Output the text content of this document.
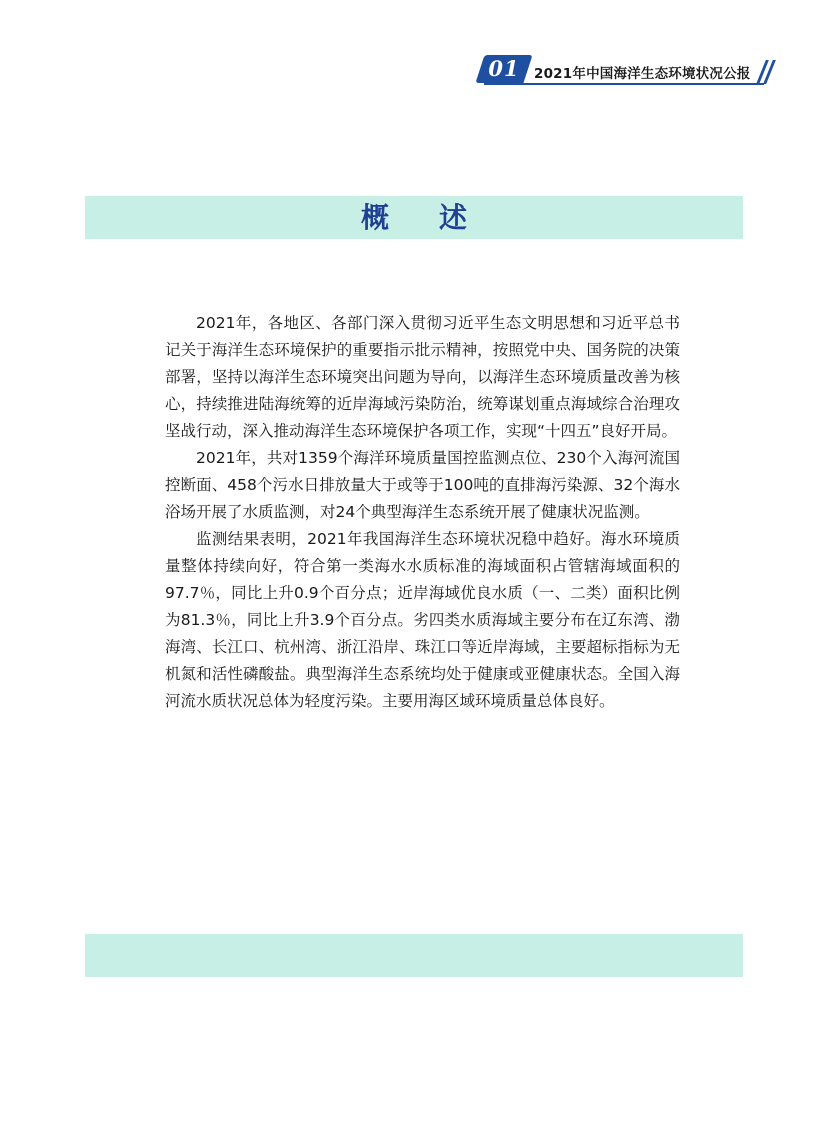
01	2021年中国海洋生态环境状况公报
概述

2021年，各地区、各部门深入贯彻习近平生态文明思想和习近平总书记关于海洋生态环境保护的重要指示批示精神，按照党中央、国务院的决策部署，坚持以海洋生态环境突出问题为导向，以海洋生态环境质量改善为核心，持续推进陆海统筹的近岸海域污染防治，统筹谋划重点海域综合治理攻坚战行动，深入推动海洋生态环境保护各项工作，实现“十四五”良好开局。

2021年，共对1359个海洋环境质量国控监测点位、230个入海河流国控断面、458个污水日排放量大于或等于100吨的直排海污染源、32个海水浴场开展了水质监测，对24个典型海洋生态系统开展了健康状况监测。

监测结果表明，2021年我国海洋生态环境状况稳中趋好。海水环境质量整体持续向好，符合第一类海水水质标准的海域面积占管辖海域面积的97.7％，同比上升0.9个百分点；近岸海域优良水质（一、二类）面积比例为81.3％，同比上升3.9个百分点。劣四类水质海域主要分布在辽东湾、渤海湾、长江口、杭州湾、浙江沿岸、珠江口等近岸海域，主要超标指标为无机氮和活性磷酸盐。典型海洋生态系统均处于健康或亚健康状态。全国入海河流水质状况总体为轻度污染。主要用海区域环境质量总体良好。
